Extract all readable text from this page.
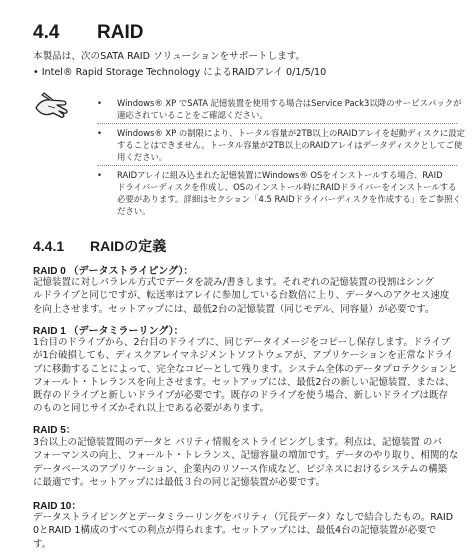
4.4 RAID
本製品は、次のSATA RAID ソリューションをサポートします。
• Intel® Rapid Storage Technology によるRAIDアレイ 0/1/5/10
• Windows® XP でSATA 記憶装置を使用する場合はService Pack3以降のサービスパックが
適応されていることをご確認ください。
• Windows® XP の制限により、トータル容量が2TB以上のRAIDアレイを起動ディスクに設定
することはできません。トータル容量が2TB以上のRAIDアレイはデータディスクとしてご使
用ください。
• RAIDアレイに組み込まれた記憶装置にWindows® OSをインストールする場合、RAID
ドライバーディスクを作成し、OSのインストール時にRAIDドライバーをインストールする
必要があります。詳細はセクション「4.5 RAIDドライバーディスクを作成する」をご参照く
ださい。
4.4.1 RAIDの定義
RAID 0 （データストライピング）：
記憶装置に対しパラレル方式でデータを読み/書きします。それぞれの記憶装置の役割はシング
ルドライブと同じですが、転送率はアレイに参加している台数倍に上り、データへのアクセス速度
を向上させます。セットアップには、最低2台の記憶装置（同じモデル、同容量）が必要です。
RAID 1 （データミラーリング）：
1台目のドライブから、2台目のドライブに、同じデータイメージをコピーし保存します。ドライブ
が1台破損しても、ディスクアレイマネジメントソフトウェアが、アプリケーションを正常なドライ
ブに移動することによって、完全なコピーとして残ります。システム全体のデータプロテクションと
フォールト・トレランスを向上させます。セットアップには、最低2台の新しい記憶装置、または、
既存のドライブと新しいドライブが必要です。既存のドライブを使う場合、新しいドライブは既存
のものと同じサイズかそれ以上である必要があります。
RAID 5：
3台以上の記憶装置間のデータと パリティ情報をストライピングします。利点は、記憶装置 のパ
フォーマンスの向上、フォールト・トレランス、記憶容量の増加です。データのやり取り、相関的な
データベースのアプリケーション、企業内のリソース作成など、ビジネスにおけるシステムの構築
に最適です。セットアップには最低３台の同じ記憶装置が必要です。
RAID 10：
データストライピングとデータミラーリングをパリティ（冗長データ）なしで結合したもの。RAID
0とRAID 1構成のすべての利点が得られます。セットアップには、最低4台の記憶装置が必要で
す。
